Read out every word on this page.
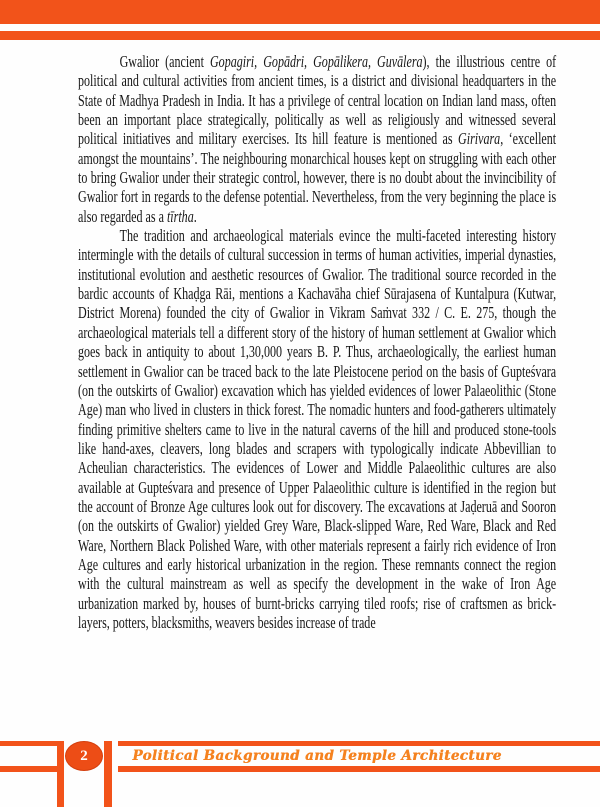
Gwalior (ancient Gopagiri, Gopādri, Gopālikera, Guvālera), the illustrious centre of political and cultural activities from ancient times, is a district and divisional headquarters in the State of Madhya Pradesh in India. It has a privilege of central location on Indian land mass, often been an important place strategically, politically as well as religiously and witnessed several political initiatives and military exercises. Its hill feature is mentioned as Girivara, ‘excellent amongst the mountains’. The neighbouring monarchical houses kept on struggling with each other to bring Gwalior under their strategic control, however, there is no doubt about the invincibility of Gwalior fort in regards to the defense potential. Nevertheless, from the very beginning the place is also regarded as a tīrtha.

The tradition and archaeological materials evince the multi-faceted interesting history intermingle with the details of cultural succession in terms of human activities, imperial dynasties, institutional evolution and aesthetic resources of Gwalior. The traditional source recorded in the bardic accounts of Khaḍga Rāi, mentions a Kachavāha chief Sūrajasena of Kuntalpura (Kutwar, District Morena) founded the city of Gwalior in Vikram Saṁvat 332 / C. E. 275, though the archaeological materials tell a different story of the history of human settlement at Gwalior which goes back in antiquity to about 1,30,000 years B. P. Thus, archaeologically, the earliest human settlement in Gwalior can be traced back to the late Pleistocene period on the basis of Gupteśvara (on the outskirts of Gwalior) excavation which has yielded evidences of lower Palaeolithic (Stone Age) man who lived in clusters in thick forest. The nomadic hunters and food-gatherers ultimately finding primitive shelters came to live in the natural caverns of the hill and produced stone-tools like hand-axes, cleavers, long blades and scrapers with typologically indicate Abbevillian to Acheulian characteristics. The evidences of Lower and Middle Palaeolithic cultures are also available at Gupteśvara and presence of Upper Palaeolithic culture is identified in the region but the account of Bronze Age cultures look out for discovery. The excavations at Jaḍeruā and Sooron (on the outskirts of Gwalior) yielded Grey Ware, Black-slipped Ware, Red Ware, Black and Red Ware, Northern Black Polished Ware, with other materials represent a fairly rich evidence of Iron Age cultures and early historical urbanization in the region. These remnants connect the region with the cultural mainstream as well as specify the development in the wake of Iron Age urbanization marked by, houses of burnt-bricks carrying tiled roofs; rise of craftsmen as brick-layers, potters, blacksmiths, weavers besides increase of trade

2	Political Background and Temple Architecture
